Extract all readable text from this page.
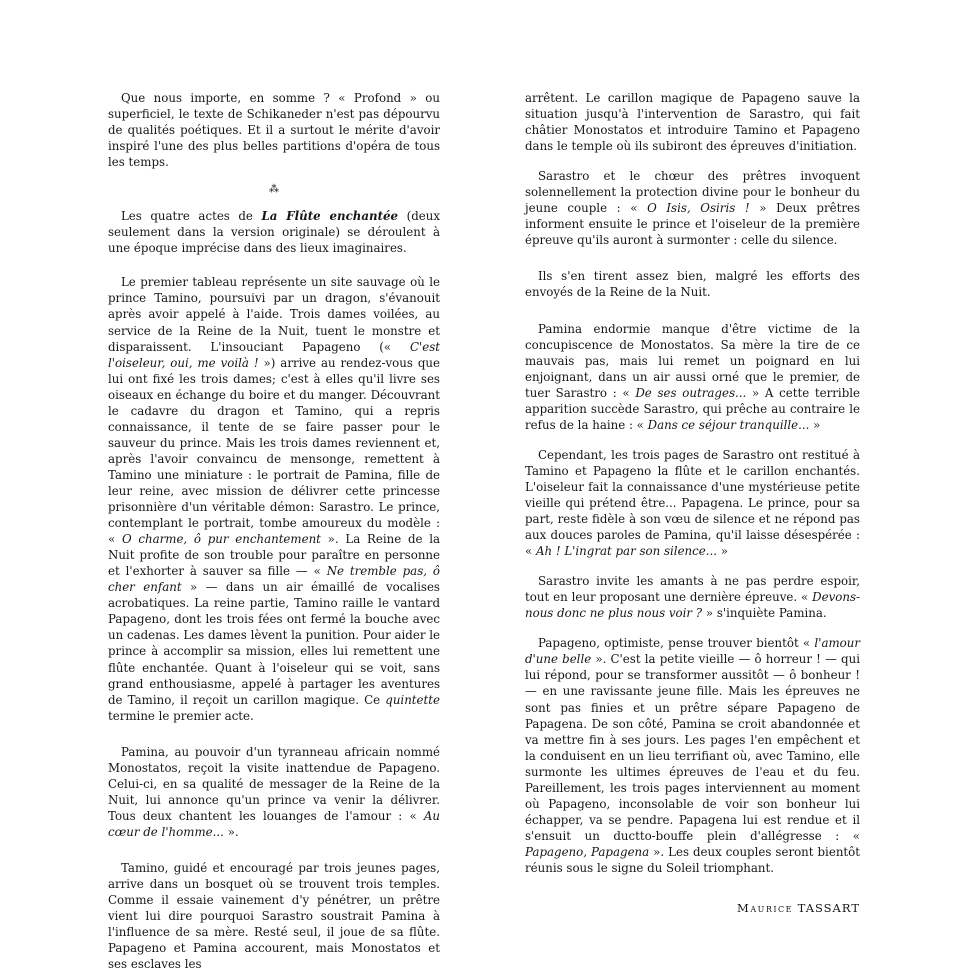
Que nous importe, en somme ? « Profond » ou superficiel, le texte de Schikaneder n'est pas dépourvu de qualités poétiques. Et il a surtout le mérite d'avoir inspiré l'une des plus belles partitions d'opéra de tous les temps.

⁂

Les quatre actes de La Flûte enchantée (deux seulement dans la version originale) se déroulent à une époque imprécise dans des lieux imaginaires.

Le premier tableau représente un site sauvage où le prince Tamino, poursuivi par un dragon, s'évanouit après avoir appelé à l'aide. Trois dames voilées, au service de la Reine de la Nuit, tuent le monstre et disparaissent. L'insouciant Papageno (« C'est l'oiseleur, oui, me voilà ! ») arrive au rendez-vous que lui ont fixé les trois dames; c'est à elles qu'il livre ses oiseaux en échange du boire et du manger. Découvrant le cadavre du dragon et Tamino, qui a repris connaissance, il tente de se faire passer pour le sauveur du prince. Mais les trois dames reviennent et, après l'avoir convaincu de mensonge, remettent à Tamino une miniature : le portrait de Pamina, fille de leur reine, avec mission de délivrer cette princesse prisonnière d'un véritable démon: Sarastro. Le prince, contemplant le portrait, tombe amoureux du modèle : « O charme, ô pur enchantement ». La Reine de la Nuit profite de son trouble pour paraître en personne et l'exhorter à sauver sa fille — « Ne tremble pas, ô cher enfant » — dans un air émaillé de vocalises acrobatiques. La reine partie, Tamino raille le vantard Papageno, dont les trois fées ont fermé la bouche avec un cadenas. Les dames lèvent la punition. Pour aider le prince à accomplir sa mission, elles lui remettent une flûte enchantée. Quant à l'oiseleur qui se voit, sans grand enthousiasme, appelé à partager les aventures de Tamino, il reçoit un carillon magique. Ce quintette termine le premier acte.

Pamina, au pouvoir d'un tyranneau africain nommé Monostatos, reçoit la visite inattendue de Papageno. Celui-ci, en sa qualité de messager de la Reine de la Nuit, lui annonce qu'un prince va venir la délivrer. Tous deux chantent les louanges de l'amour : « Au cœur de l'homme... ».

Tamino, guidé et encouragé par trois jeunes pages, arrive dans un bosquet où se trouvent trois temples. Comme il essaie vainement d'y pénétrer, un prêtre vient lui dire pourquoi Sarastro soustrait Pamina à l'influence de sa mère. Resté seul, il joue de sa flûte. Papageno et Pamina accourent, mais Monostatos et ses esclaves les

arrêtent. Le carillon magique de Papageno sauve la situation jusqu'à l'intervention de Sarastro, qui fait châtier Monostatos et introduire Tamino et Papageno dans le temple où ils subiront des épreuves d'initiation.

Sarastro et le chœur des prêtres invoquent solennellement la protection divine pour le bonheur du jeune couple : « O Isis, Osiris ! » Deux prêtres informent ensuite le prince et l'oiseleur de la première épreuve qu'ils auront à surmonter : celle du silence.

Ils s'en tirent assez bien, malgré les efforts des envoyés de la Reine de la Nuit.

Pamina endormie manque d'être victime de la concupiscence de Monostatos. Sa mère la tire de ce mauvais pas, mais lui remet un poignard en lui enjoignant, dans un air aussi orné que le premier, de tuer Sarastro : « De ses outrages... » A cette terrible apparition succède Sarastro, qui prêche au contraire le refus de la haine : « Dans ce séjour tranquille... »

Cependant, les trois pages de Sarastro ont restitué à Tamino et Papageno la flûte et le carillon enchantés. L'oiseleur fait la connaissance d'une mystérieuse petite vieille qui prétend être... Papagena. Le prince, pour sa part, reste fidèle à son vœu de silence et ne répond pas aux douces paroles de Pamina, qu'il laisse désespérée : « Ah ! L'ingrat par son silence... »

Sarastro invite les amants à ne pas perdre espoir, tout en leur proposant une dernière épreuve. « Devons-nous donc ne plus nous voir ? » s'inquiète Pamina.

Papageno, optimiste, pense trouver bientôt « l'amour d'une belle ». C'est la petite vieille — ô horreur ! — qui lui répond, pour se transformer aussitôt — ô bonheur ! — en une ravissante jeune fille. Mais les épreuves ne sont pas finies et un prêtre sépare Papageno de Papagena. De son côté, Pamina se croit abandonnée et va mettre fin à ses jours. Les pages l'en empêchent et la conduisent en un lieu terrifiant où, avec Tamino, elle surmonte les ultimes épreuves de l'eau et du feu. Pareillement, les trois pages interviennent au moment où Papageno, inconsolable de voir son bonheur lui échapper, va se pendre. Papagena lui est rendue et il s'ensuit un ductto-bouffe plein d'allégresse : « Papageno, Papagena ». Les deux couples seront bientôt réunis sous le signe du Soleil triomphant.

Maurice TASSART
